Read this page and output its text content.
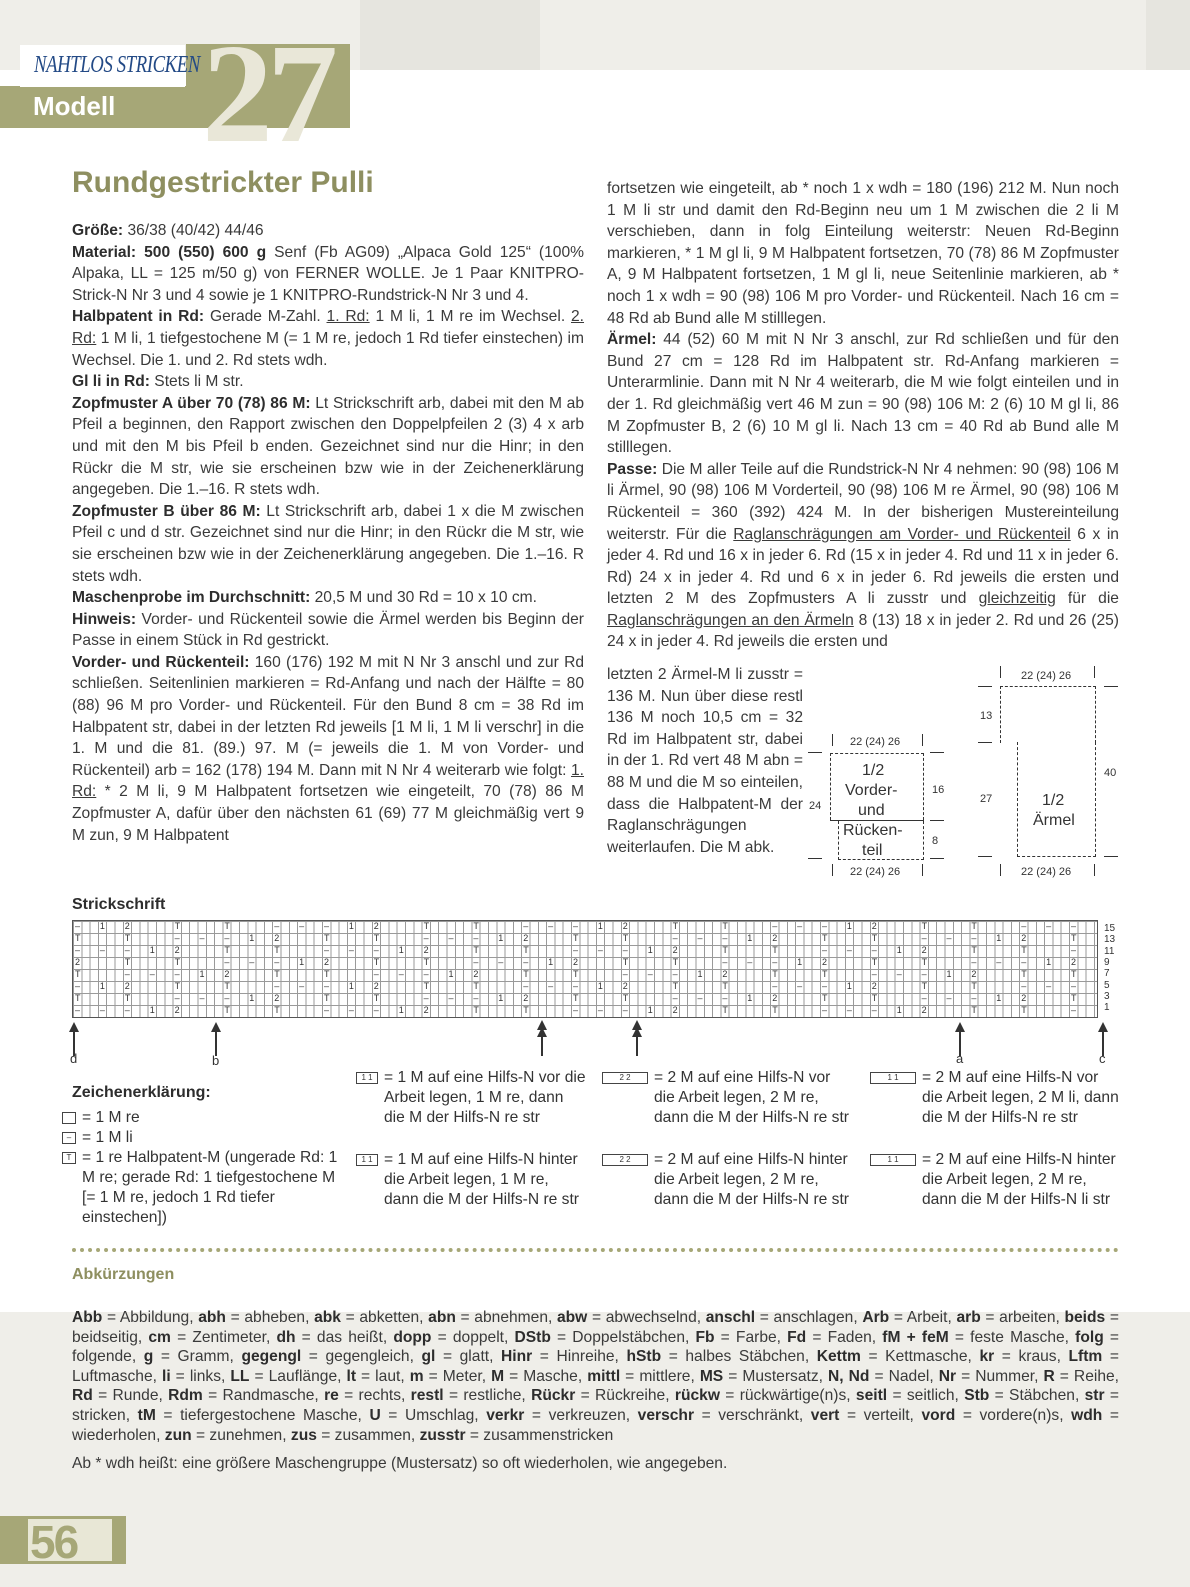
NAHTLOS STRICKEN
Modell 27
Rundgestrickter Pulli

Größe: 36/38 (40/42) 44/46

Material: 500 (550) 600 g Senf (Fb AG09) „Alpaca Gold 125“ (100% Alpaka, LL = 125 m/50 g) von FERNER WOLLE. Je 1 Paar KNITPRO-Strick-N Nr 3 und 4 sowie je 1 KNITPRO-Rundstrick-N Nr 3 und 4.

Halbpatent in Rd: Gerade M-Zahl. 1. Rd: 1 M li, 1 M re im Wechsel. 2. Rd: 1 M li, 1 tiefgestochene M (= 1 M re, jedoch 1 Rd tiefer einstechen) im Wechsel. Die 1. und 2. Rd stets wdh.

Gl li in Rd: Stets li M str.

Zopfmuster A über 70 (78) 86 M: Lt Strickschrift arb, dabei mit den M ab Pfeil a beginnen, den Rapport zwischen den Doppelpfeilen 2 (3) 4 x arb und mit den M bis Pfeil b enden. Gezeichnet sind nur die Hinr; in den Rückr die M str, wie sie erscheinen bzw wie in der Zeichenerklärung angegeben. Die 1.–16. R stets wdh.

Zopfmuster B über 86 M: Lt Strickschrift arb, dabei 1 x die M zwischen Pfeil c und d str. Gezeichnet sind nur die Hinr; in den Rückr die M str, wie sie erscheinen bzw wie in der Zeichenerklärung angegeben. Die 1.–16. R stets wdh.

Maschenprobe im Durchschnitt: 20,5 M und 30 Rd = 10 x 10 cm.

Hinweis: Vorder- und Rückenteil sowie die Ärmel werden bis Beginn der Passe in einem Stück in Rd gestrickt.

Vorder- und Rückenteil: 160 (176) 192 M mit N Nr 3 anschl und zur Rd schließen. Seitenlinien markieren = Rd-Anfang und nach der Hälfte = 80 (88) 96 M pro Vorder- und Rückenteil. Für den Bund 8 cm = 38 Rd im Halbpatent str, dabei in der letzten Rd jeweils [1 M li, 1 M li verschr] in die 1. M und die 81. (89.) 97. M (= jeweils die 1. M von Vorder- und Rückenteil) arb = 162 (178) 194 M. Dann mit N Nr 4 weiterarb wie folgt: 1. Rd: * 2 M li, 9 M Halbpatent fortsetzen wie eingeteilt, 70 (78) 86 M Zopfmuster A, dafür über den nächsten 61 (69) 77 M gleichmäßig vert 9 M zun, 9 M Halbpatent

fortsetzen wie eingeteilt, ab * noch 1 x wdh = 180 (196) 212 M. Nun noch 1 M li str und damit den Rd-Beginn neu um 1 M zwischen die 2 li M verschieben, dann in folg Einteilung weiterstr: Neuen Rd-Beginn markieren, * 1 M gl li, 9 M Halbpatent fortsetzen, 70 (78) 86 M Zopfmuster A, 9 M Halbpatent fortsetzen, 1 M gl li, neue Seitenlinie markieren, ab * noch 1 x wdh = 90 (98) 106 M pro Vorder- und Rückenteil. Nach 16 cm = 48 Rd ab Bund alle M stilllegen.

Ärmel: 44 (52) 60 M mit N Nr 3 anschl, zur Rd schließen und für den Bund 27 cm = 128 Rd im Halbpatent str. Rd-Anfang markieren = Unterarmlinie. Dann mit N Nr 4 weiterarb, die M wie folgt einteilen und in der 1. Rd gleichmäßig vert 46 M zun = 90 (98) 106 M: 2 (6) 10 M gl li, 86 M Zopfmuster B, 2 (6) 10 M gl li. Nach 13 cm = 40 Rd ab Bund alle M stilllegen.

Passe: Die M aller Teile auf die Rundstrick-N Nr 4 nehmen: 90 (98) 106 M li Ärmel, 90 (98) 106 M Vorderteil, 90 (98) 106 M re Ärmel, 90 (98) 106 M Rückenteil = 360 (392) 424 M. In der bisherigen Mustereinteilung weiterstr. Für die Raglanschrägungen am Vorder- und Rückenteil 6 x in jeder 4. Rd und 16 x in jeder 6. Rd (15 x in jeder 4. Rd und 11 x in jeder 6. Rd) 24 x in jeder 4. Rd und 6 x in jeder 6. Rd jeweils die ersten und letzten 2 M des Zopfmusters A li zusstr und gleichzeitig für die Raglanschrägungen an den Ärmeln 8 (13) 18 x in jeder 2. Rd und 26 (25) 24 x in jeder 4. Rd jeweils die ersten und

letzten 2 Ärmel-M li zusstr = 136 M. Nun über diese restl 136 M noch 10,5 cm = 32 Rd im Halbpatent str, dabei in der 1. Rd vert 48 M abn = 88 M und die M so einteilen, dass die Halbpatent-M der Raglanschrägungen weiterlaufen. Die M abk.
22 (24) 26
1/2
Vorder-
und
Rücken-
teil
24
16
8
22 (24) 26
22 (24) 26
1/2
Ärmel
13
27
40
22 (24) 26
Strickschrift
– 1 2	T	T	– – – 1 2	T	T	– – – 1 2	T	T	– – – 1 2	T	T	– – –
T	T	– – – 1 2	T	T	– – – 1 2	T	T	– – – 1 2	T	T	– – – 1 2	T
– – – 1 2	T	T	– – – 1 2	T	T	– – – 1 2	T	T	– – – 1 2	T	T	–
2	T	T	– – – 1 2	T	T	– – – 1 2	T	T	– – – 1 2	T	T	– – – 1 2
T	– – – 1 2	T	T	– – – 1 2	T	T	– – – 1 2	T	T	– – – 1 2	T	T
– 1 2	T	T	– – – 1 2	T	T	– – – 1 2	T	T	– – – 1 2	T	T	– – –
T	T	– – – 1 2	T	T	– – – 1 2	T	T	– – – 1 2	T	T	– – – 1 2	T
– – – 1 2	T	T	– – – 1 2	T	T	– – – 1 2	T	T	– – – 1 2	T	T	–
15
13
11
9
7
5
3
1
d	b	a	c
Zeichenerklärung:
= 1 M re
– = 1 M li
T = 1 re Halbpatent-M (ungerade Rd: 1 M re; gerade Rd: 1 tiefgestochene M [= 1 M re, jedoch 1 Rd tiefer einstechen])
1 1 = 1 M auf eine Hilfs-N vor die Arbeit legen, 1 M re, dann die M der Hilfs-N re str
1 1 = 1 M auf eine Hilfs-N hinter die Arbeit legen, 1 M re, dann die M der Hilfs-N re str
2 2	= 2 M auf eine Hilfs-N vor die Arbeit legen, 2 M re, dann die M der Hilfs-N re str
2 2	= 2 M auf eine Hilfs-N hinter die Arbeit legen, 2 M re, dann die M der Hilfs-N re str
1 1	= 2 M auf eine Hilfs-N vor die Arbeit legen, 2 M li, dann die M der Hilfs-N re str
1 1	= 2 M auf eine Hilfs-N hinter die Arbeit legen, 2 M re, dann die M der Hilfs-N li str
Abkürzungen
Abb = Abbildung, abh = abheben, abk = abketten, abn = abnehmen, abw = abwechselnd, anschl = anschlagen, Arb = Arbeit, arb = arbeiten, beids = beidseitig, cm = Zentimeter, dh = das heißt, dopp = doppelt, DStb = Doppelstäbchen, Fb = Farbe, Fd = Faden, fM + feM = feste Masche, folg = folgende, g = Gramm, gegengl = gegengleich, gl = glatt, Hinr = Hinreihe, hStb = halbes Stäbchen, Kettm = Kettmasche, kr = kraus, Lftm = Luftmasche, li = links, LL = Lauflänge, lt = laut, m = Meter, M = Masche, mittl = mittlere, MS = Mustersatz, N, Nd = Nadel, Nr = Nummer, R = Reihe, Rd = Runde, Rdm = Randmasche, re = rechts, restl = restliche, Rückr = Rückreihe, rückw = rückwärtige(n)s, seitl = seitlich, Stb = Stäbchen, str = stricken, tM = tiefergestochene Masche, U = Umschlag, verkr = verkreuzen, verschr = verschränkt, vert = verteilt, vord = vordere(n)s, wdh = wiederholen, zun = zunehmen, zus = zusammen, zusstr = zusammenstricken
Ab * wdh heißt: eine größere Maschengruppe (Mustersatz) so oft wiederholen, wie angegeben.
56
